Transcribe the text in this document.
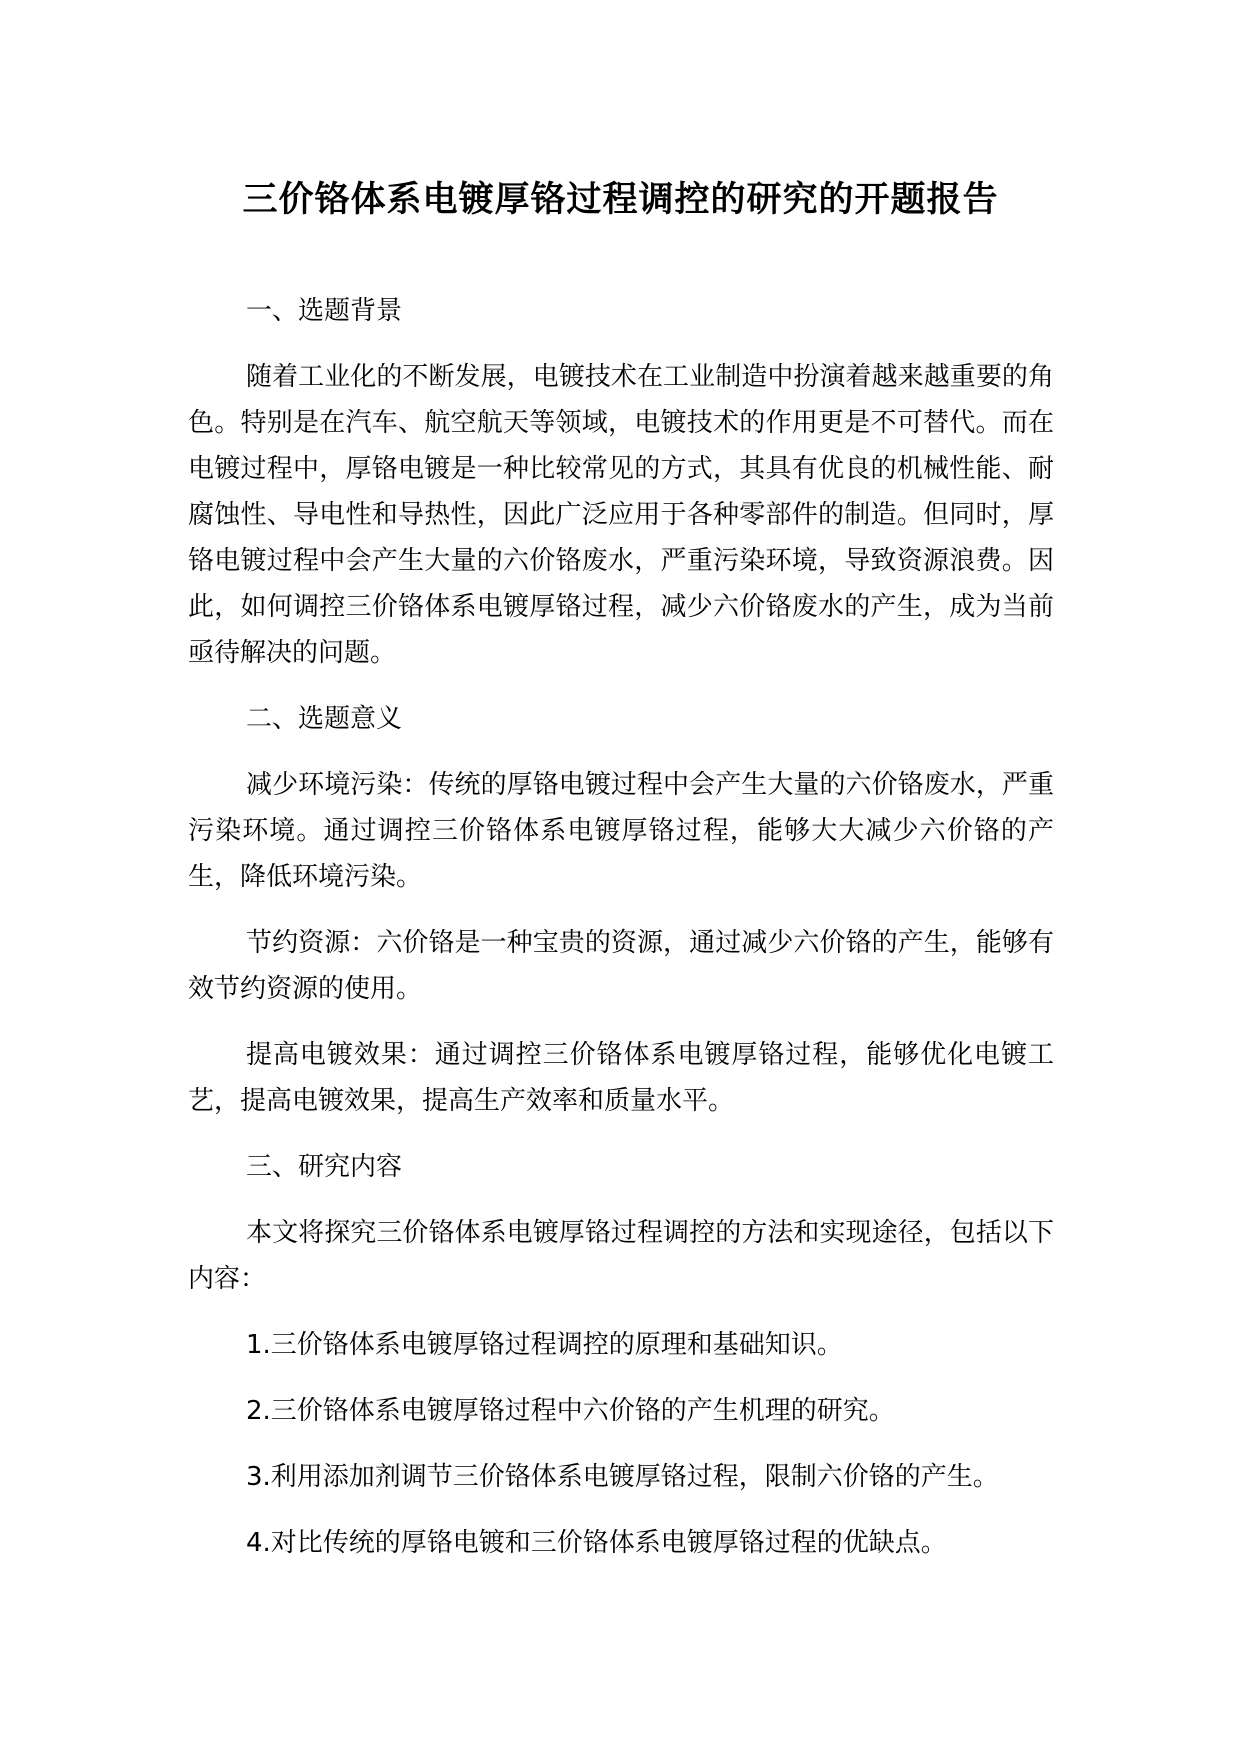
三价铬体系电镀厚铬过程调控的研究的开题报告

一、选题背景

随着工业化的不断发展，电镀技术在工业制造中扮演着越来越重要的角色。特别是在汽车、航空航天等领域，电镀技术的作用更是不可替代。而在电镀过程中，厚铬电镀是一种比较常见的方式，其具有优良的机械性能、耐腐蚀性、导电性和导热性，因此广泛应用于各种零部件的制造。但同时，厚铬电镀过程中会产生大量的六价铬废水，严重污染环境，导致资源浪费。因此，如何调控三价铬体系电镀厚铬过程，减少六价铬废水的产生，成为当前亟待解决的问题。

二、选题意义

减少环境污染：传统的厚铬电镀过程中会产生大量的六价铬废水，严重污染环境。通过调控三价铬体系电镀厚铬过程，能够大大减少六价铬的产生，降低环境污染。

节约资源：六价铬是一种宝贵的资源，通过减少六价铬的产生，能够有效节约资源的使用。

提高电镀效果：通过调控三价铬体系电镀厚铬过程，能够优化电镀工艺，提高电镀效果，提高生产效率和质量水平。

三、研究内容

本文将探究三价铬体系电镀厚铬过程调控的方法和实现途径，包括以下内容：

1.三价铬体系电镀厚铬过程调控的原理和基础知识。

2.三价铬体系电镀厚铬过程中六价铬的产生机理的研究。

3.利用添加剂调节三价铬体系电镀厚铬过程，限制六价铬的产生。

4.对比传统的厚铬电镀和三价铬体系电镀厚铬过程的优缺点。
